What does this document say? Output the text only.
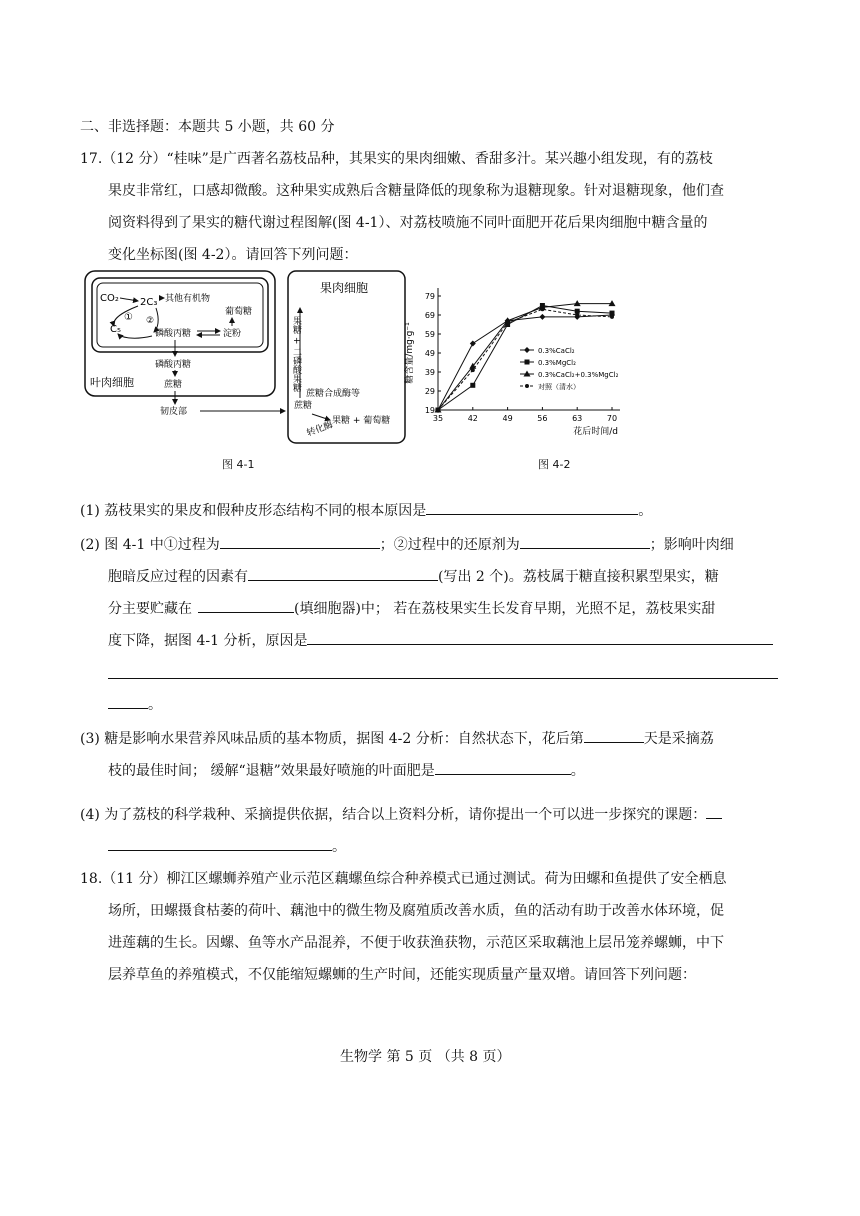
二、非选择题：本题共 5 小题，共 60 分
17.（12 分）“桂味”是广西著名荔枝品种，其果实的果肉细嫩、香甜多汁。某兴趣小组发现，有的荔枝
果皮非常红，口感却微酸。这种果实成熟后含糖量降低的现象称为退糖现象。针对退糖现象，他们查
阅资料得到了果实的糖代谢过程图解(图 4-1）、对荔枝喷施不同叶面肥开花后果肉细胞中糖含量的
变化坐标图(图 4-2）。请回答下列问题：
CO₂ 2C₃ 其他有机物
葡萄糖
①
C₅	磷酸丙糖	淀粉
②
磷酸丙糖
蔗糖
叶肉细胞
韧皮部
果肉细胞
蔗糖
蔗糖合成酶等
转化酶
果糖 + 葡萄糖
果糖 + 二磷酸果糖
图 4-1
35	42	49	56	63	70
19
29
39
49
59
69
79
花后时间/d
糖含量/mg·g⁻¹	0.3%CaCl₂
0.3%MgCl₂
0.3%CaCl₂+0.3%MgCl₂
对照（清水）
图 4-2
(1) 荔枝果实的果皮和假种皮形态结构不同的根本原因是	。
(2) 图 4-1 中①过程为	；②过程中的还原剂为	；影响叶肉细
胞暗反应过程的因素有	(写出 2 个)。荔枝属于糖直接积累型果实，糖
分主要贮藏在	(填细胞器)中； 若在荔枝果实生长发育早期，光照不足，荔枝果实甜
度下降，据图 4-1 分析，原因是
。
(3) 糖是影响水果营养风味品质的基本物质，据图 4-2 分析：自然状态下，花后第	天是采摘荔
枝的最佳时间； 缓解“退糖”效果最好喷施的叶面肥是	。
(4) 为了荔枝的科学栽种、采摘提供依据，结合以上资料分析，请你提出一个可以进一步探究的课题：
。
18.（11 分）柳江区螺蛳养殖产业示范区藕螺鱼综合种养模式已通过测试。荷为田螺和鱼提供了安全栖息
场所，田螺摄食枯萎的荷叶、藕池中的微生物及腐殖质改善水质，鱼的活动有助于改善水体环境，促
进莲藕的生长。因螺、鱼等水产品混养，不便于收获渔获物，示范区采取藕池上层吊笼养螺蛳，中下
层养草鱼的养殖模式，不仅能缩短螺蛳的生产时间，还能实现质量产量双增。请回答下列问题：
生物学 第 5 页 （共 8 页）
